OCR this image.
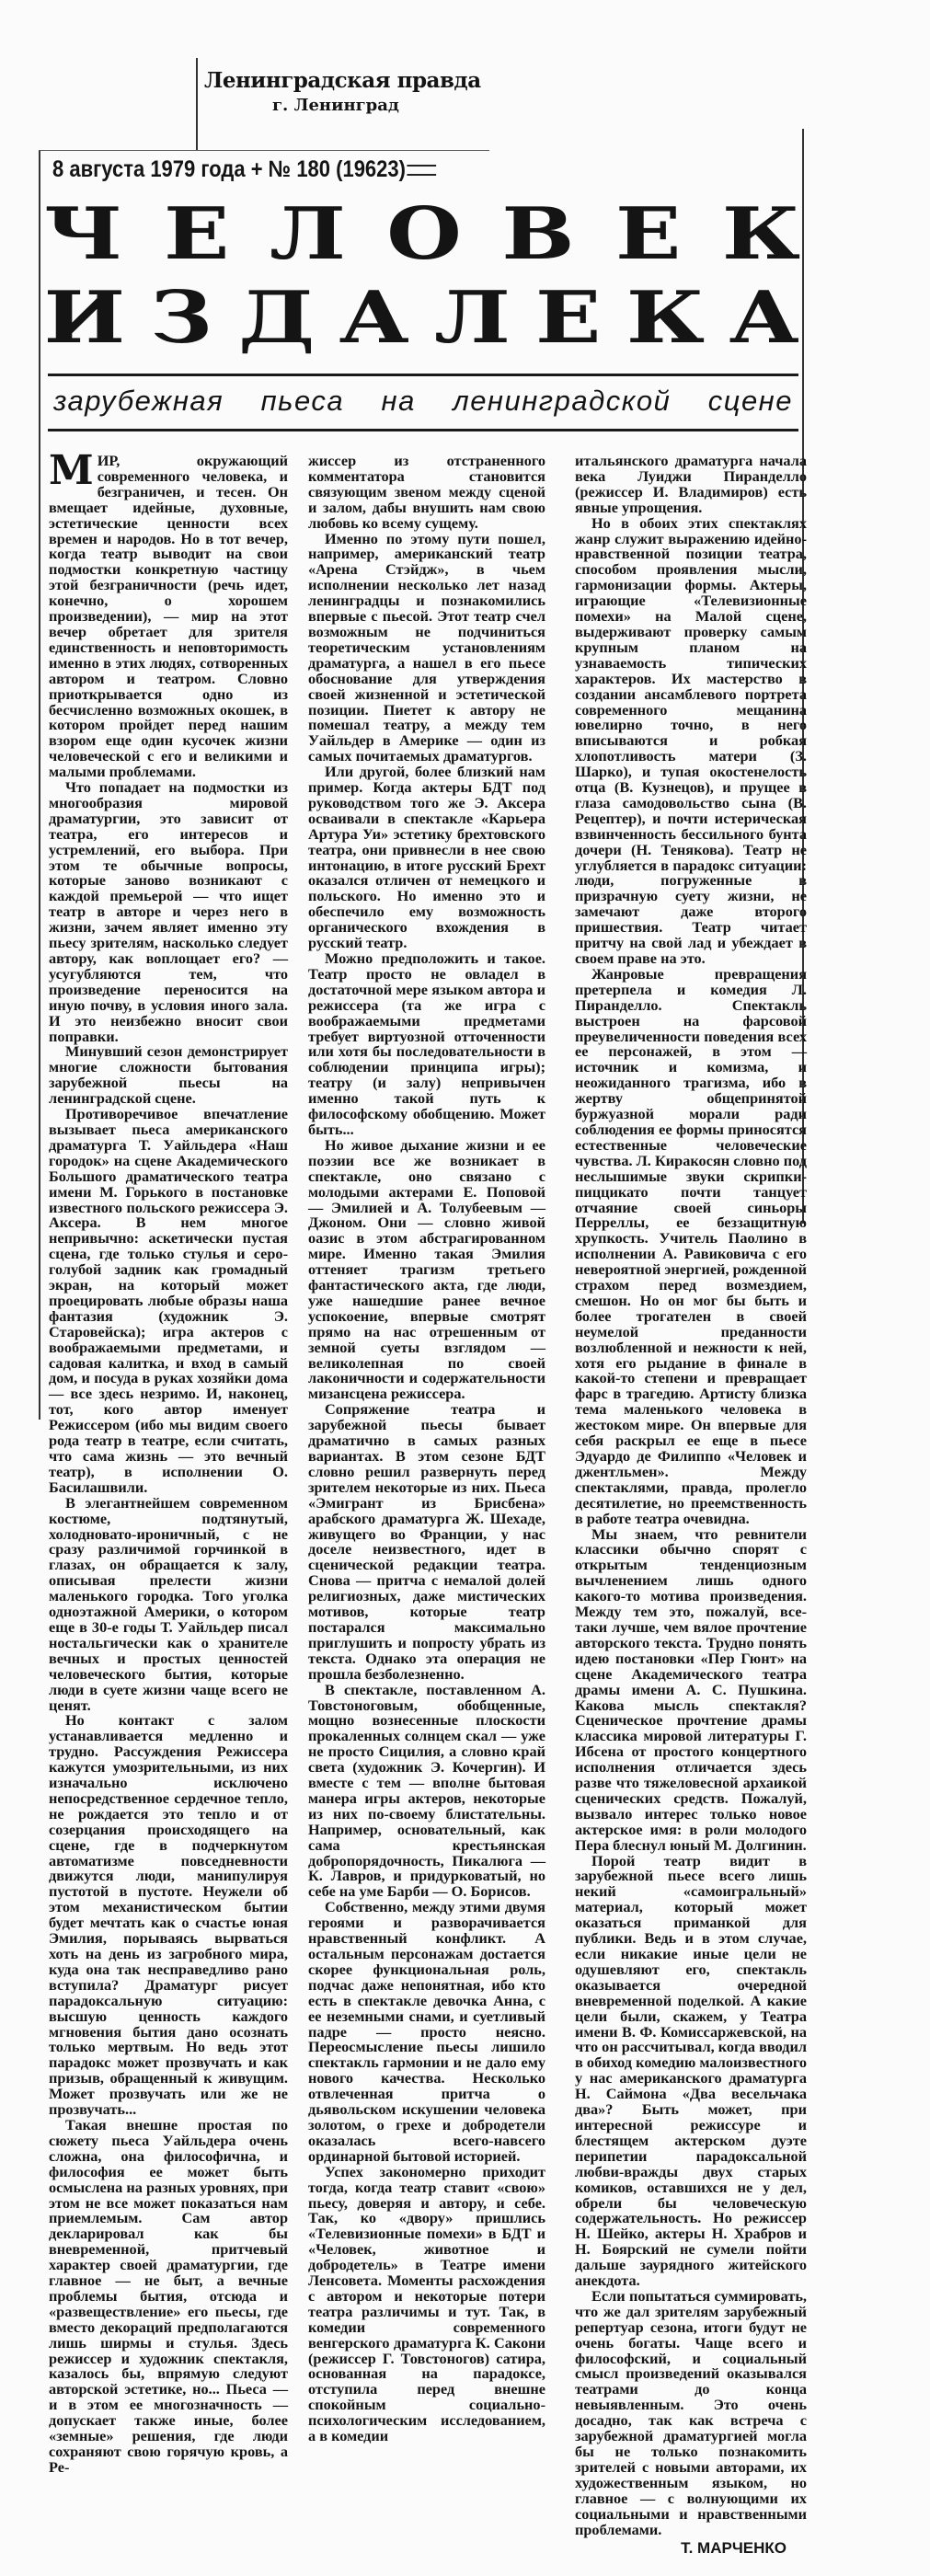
Ленинградская правда
г. Ленинград
8 августа 1979 года + № 180 (19623)
Ч Е Л О В Е К
И З Д А Л Е К А
зарубежная пьеса на ленинградской сцене

МИР, окружающий современного человека, и безграничен, и тесен. Он вмещает идейные, духовные, эстетические ценности всех времен и народов. Но в тот вечер, когда театр выводит на свои подмостки конкретную частицу этой безграничности (речь идет, конечно, о хорошем произведении), — мир на этот вечер обретает для зрителя единственность и неповторимость именно в этих людях, сотворенных автором и театром. Словно приоткрывается одно из бесчисленно возможных окошек, в котором пройдет перед нашим взором еще один кусочек жизни человеческой с его и великими и малыми проблемами.

Что попадает на подмостки из многообразия мировой драматургии, это зависит от театра, его интересов и устремлений, его выбора. При этом те обычные вопросы, которые заново возникают с каждой премьерой — что ищет театр в авторе и через него в жизни, зачем являет именно эту пьесу зрителям, насколько следует автору, как воплощает его? — усугубляются тем, что произведение переносится на иную почву, в условия иного зала. И это неизбежно вносит свои поправки.

Минувший сезон демонстрирует многие сложности бытования зарубежной пьесы на ленинградской сцене.

Противоречивое впечатление вызывает пьеса американского драматурга Т. Уайльдера «Наш городок» на сцене Академического Большого драматического театра имени М. Горького в постановке известного польского режиссера Э. Аксера. В нем многое непривычно: аскетически пустая сцена, где только стулья и серо-голубой задник как громадный экран, на который может проецировать любые образы наша фантазия (художник Э. Старовейска); игра актеров с воображаемыми предметами, и садовая калитка, и вход в самый дом, и посуда в руках хозяйки дома — все здесь незримо. И, наконец, тот, кого автор именует Режиссером (ибо мы видим своего рода театр в театре, если считать, что сама жизнь — это вечный театр), в исполнении О. Басилашвили.

В элегантнейшем современном костюме, подтянутый, холодновато-ироничный, с не сразу различимой горчинкой в глазах, он обращается к залу, описывая прелести жизни маленького городка. Того уголка одноэтажной Америки, о котором еще в 30-е годы Т. Уайльдер писал ностальгически как о хранителе вечных и простых ценностей человеческого бытия, которые люди в суете жизни чаще всего не ценят.

Но контакт с залом устанавливается медленно и трудно. Рассуждения Режиссера кажутся умозрительными, из них изначально исключено непосредственное сердечное тепло, не рождается это тепло и от созерцания происходящего на сцене, где в подчеркнутом автоматизме повседневности движутся люди, манипулируя пустотой в пустоте. Неужели об этом механистическом бытии будет мечтать как о счастье юная Эмилия, порываясь вырваться хоть на день из загробного мира, куда она так несправедливо рано вступила? Драматург рисует парадоксальную ситуацию: высшую ценность каждого мгновения бытия дано осознать только мертвым. Но ведь этот парадокс может прозвучать и как призыв, обращенный к живущим. Может прозвучать или же не прозвучать...

Такая внешне простая по сюжету пьеса Уайльдера очень сложна, она философична, и философия ее может быть осмыслена на разных уровнях, при этом не все может показаться нам приемлемым. Сам автор декларировал как бы вневременной, притчевый характер своей драматургии, где главное — не быт, а вечные проблемы бытия, отсюда и «развеществление» его пьесы, где вместо декораций предполагаются лишь ширмы и стулья. Здесь режиссер и художник спектакля, казалось бы, впрямую следуют авторской эстетике, но... Пьеса — и в этом ее многозначность — допускает также иные, более «земные» решения, где люди сохраняют свою горячую кровь, а Ре-

жиссер из отстраненного комментатора становится связующим звеном между сценой и залом, дабы внушить нам свою любовь ко всему сущему.

Именно по этому пути пошел, например, американский театр «Арена Стэйдж», в чьем исполнении несколько лет назад ленинградцы и познакомились впервые с пьесой. Этот театр счел возможным не подчиниться теоретическим установлениям драматурга, а нашел в его пьесе обоснование для утверждения своей жизненной и эстетической позиции. Пиетет к автору не помешал театру, а между тем Уайльдер в Америке — один из самых почитаемых драматургов.

Или другой, более близкий нам пример. Когда актеры БДТ под руководством того же Э. Аксера осваивали в спектакле «Карьера Артура Уи» эстетику брехтовского театра, они привнесли в нее свою интонацию, в итоге русский Брехт оказался отличен от немецкого и польского. Но именно это и обеспечило ему возможность органического вхождения в русский театр.

Можно предположить и такое. Театр просто не овладел в достаточной мере языком автора и режиссера (та же игра с воображаемыми предметами требует виртуозной отточенности или хотя бы последовательности в соблюдении принципа игры); театру (и залу) непривычен именно такой путь к философскому обобщению. Может быть...

Но живое дыхание жизни и ее поэзии все же возникает в спектакле, оно связано с молодыми актерами Е. Поповой — Эмилией и А. Толубеевым — Джоном. Они — словно живой оазис в этом абстрагированном мире. Именно такая Эмилия оттеняет трагизм третьего фантастического акта, где люди, уже нашедшие ранее вечное успокоение, впервые смотрят прямо на нас отрешенным от земной суеты взглядом — великолепная по своей лаконичности и содержательности мизансцена режиссера.

Сопряжение театра и зарубежной пьесы бывает драматично в самых разных вариантах. В этом сезоне БДТ словно решил развернуть перед зрителем некоторые из них. Пьеса «Эмигрант из Брисбена» арабского драматурга Ж. Шехаде, живущего во Франции, у нас доселе неизвестного, идет в сценической редакции театра. Снова — притча с немалой долей религиозных, даже мистических мотивов, которые театр постарался максимально приглушить и попросту убрать из текста. Однако эта операция не прошла безболезненно.

В спектакле, поставленном А. Товстоноговым, обобщенные, мощно вознесенные плоскости прокаленных солнцем скал — уже не просто Сицилия, а словно край света (художник Э. Кочергин). И вместе с тем — вполне бытовая манера игры актеров, некоторые из них по-своему блистательны. Например, основательный, как сама крестьянская добропорядочность, Пикалюга — К. Лавров, и придурковатый, но себе на уме Барби — О. Борисов.

Собственно, между этими двумя героями и разворачивается нравственный конфликт. А остальным персонажам достается скорее функциональная роль, подчас даже непонятная, ибо кто есть в спектакле девочка Анна, с ее неземными снами, и суетливый падре — просто неясно. Переосмысление пьесы лишило спектакль гармонии и не дало ему нового качества. Несколько отвлеченная притча о дьявольском искушении человека золотом, о грехе и добродетели оказалась всего-навсего ординарной бытовой историей.

Успех закономерно приходит тогда, когда театр ставит «свою» пьесу, доверяя и автору, и себе. Так, ко «двору» пришлись «Телевизионные помехи» в БДТ и «Человек, животное и добродетель» в Театре имени Ленсовета. Моменты расхождения с автором и некоторые потери театра различимы и тут. Так, в комедии современного венгерского драматурга К. Сакони (режиссер Г. Товстоногов) сатира, основанная на парадоксе, отступила перед внешне спокойным социально-психологическим исследованием, а в комедии

итальянского драматурга начала века Луиджи Пиранделло (режиссер И. Владимиров) есть явные упрощения.

Но в обоих этих спектаклях жанр служит выражению идейно-нравственной позиции театра, способом проявления мысли, гармонизации формы. Актеры, играющие «Телевизионные помехи» на Малой сцене, выдерживают проверку самым крупным планом на узнаваемость типических характеров. Их мастерство в создании ансамблевого портрета современного мещанина ювелирно точно, в него вписываются и робкая хлопотливость матери (З. Шарко), и тупая окостенелость отца (В. Кузнецов), и прущее в глаза самодовольство сына (В. Рецептер), и почти истерическая взвинченность бессильного бунта дочери (Н. Тенякова). Театр не углубляется в парадокс ситуации: люди, погруженные в призрачную суету жизни, не замечают даже второго пришествия. Театр читает притчу на свой лад и убеждает в своем праве на это.

Жанровые превращения претерпела и комедия Л. Пиранделло. Спектакль выстроен на фарсовой преувеличенности поведения всех ее персонажей, в этом — источник и комизма, и неожиданного трагизма, ибо в жертву общепринятой буржуазной морали ради соблюдения ее формы приносятся естественные человеческие чувства. Л. Киракосян словно под неслышимые звуки скрипки-пиццикато почти танцует отчаяние своей синьоры Перреллы, ее беззащитную хрупкость. Учитель Паолино в исполнении А. Равиковича с его невероятной энергией, рожденной страхом перед возмездием, смешон. Но он мог бы быть и более трогателен в своей неумелой преданности возлюбленной и нежности к ней, хотя его рыдание в финале в какой-то степени и превращает фарс в трагедию. Артисту близка тема маленького человека в жестоком мире. Он впервые для себя раскрыл ее еще в пьесе Эдуардо де Филиппо «Человек и джентльмен». Между спектаклями, правда, пролегло десятилетие, но преемственность в работе театра очевидна.

Мы знаем, что ревнители классики обычно спорят с открытым тенденциозным вычленением лишь одного какого-то мотива произведения. Между тем это, пожалуй, все-таки лучше, чем вялое прочтение авторского текста. Трудно понять идею постановки «Пер Гюнт» на сцене Академического театра драмы имени А. С. Пушкина. Какова мысль спектакля? Сценическое прочтение драмы классика мировой литературы Г. Ибсена от простого концертного исполнения отличается здесь разве что тяжеловесной архаикой сценических средств. Пожалуй, вызвало интерес только новое актерское имя: в роли молодого Пера блеснул юный М. Долгинин.

Порой театр видит в зарубежной пьесе всего лишь некий «самоигральный» материал, который может оказаться приманкой для публики. Ведь и в этом случае, если никакие иные цели не одушевляют его, спектакль оказывается очередной вневременной поделкой. А какие цели были, скажем, у Театра имени В. Ф. Комиссаржевской, на что он рассчитывал, когда вводил в обиход комедию малоизвестного у нас американского драматурга Н. Саймона «Два весельчака два»? Быть может, при интересной режиссуре и блестящем актерском дуэте перипетии парадоксальной любви-вражды двух старых комиков, оставшихся не у дел, обрели бы человеческую содержательность. Но режиссер Н. Шейко, актеры Н. Храбров и Н. Боярский не сумели пойти дальше заурядного житейского анекдота.

Если попытаться суммировать, что же дал зрителям зарубежный репертуар сезона, итоги будут не очень богаты. Чаще всего и философский, и социальный смысл произведений оказывался театрами до конца невыявленным. Это очень досадно, так как встреча с зарубежной драматургией могла бы не только познакомить зрителей с новыми авторами, их художественным языком, но главное — с волнующими их социальными и нравственными проблемами.

Т. МАРЧЕНКО
